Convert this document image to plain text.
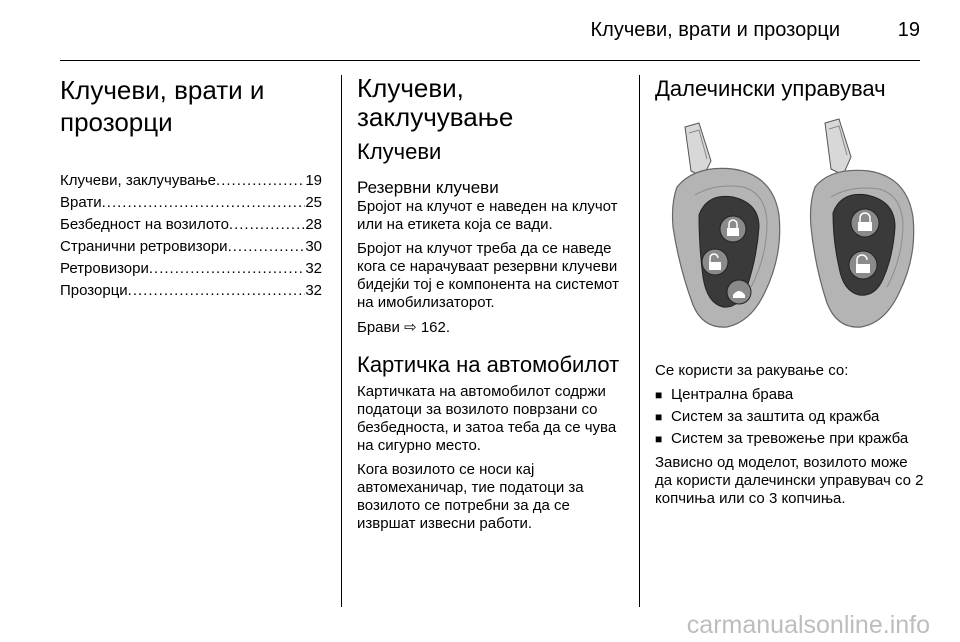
Клучеви, врати и прозорци	19
Клучеви, врати и прозорци
Клучеви, заклучување .....	19
Врати .....	25
Безбедност на возилото .....	28
Странични ретровизори .....	30
Ретровизори .....	32
Прозорци .....	32
Клучеви, заклучување
Клучеви
Резервни клучеви

Бројот на клучот е наведен на клучот или на етикета која се вади.

Бројот на клучот треба да се наведе кога се нарачуваат резервни клучеви бидејќи тој е компонента на системот на имобилизаторот.

Брави ⇨ 162.

Картичка на автомобилот

Картичката на автомобилот содржи податоци за возилото поврзани со безбедноста, и затоа теба да се чува на сигурно место.

Кога возилото се носи кај автомеханичар, тие податоци за возилото се потребни за да се извршат извесни работи.

Далечински управувач

Се користи за ракување со:

■ Централна брава
■ Систем за заштита од кражба
■ Систем за тревожење при кражба

Зависно од моделот, возилото може да користи далечински управувач со 2 копчиња или со 3 копчиња.

carmanualsonline.info
